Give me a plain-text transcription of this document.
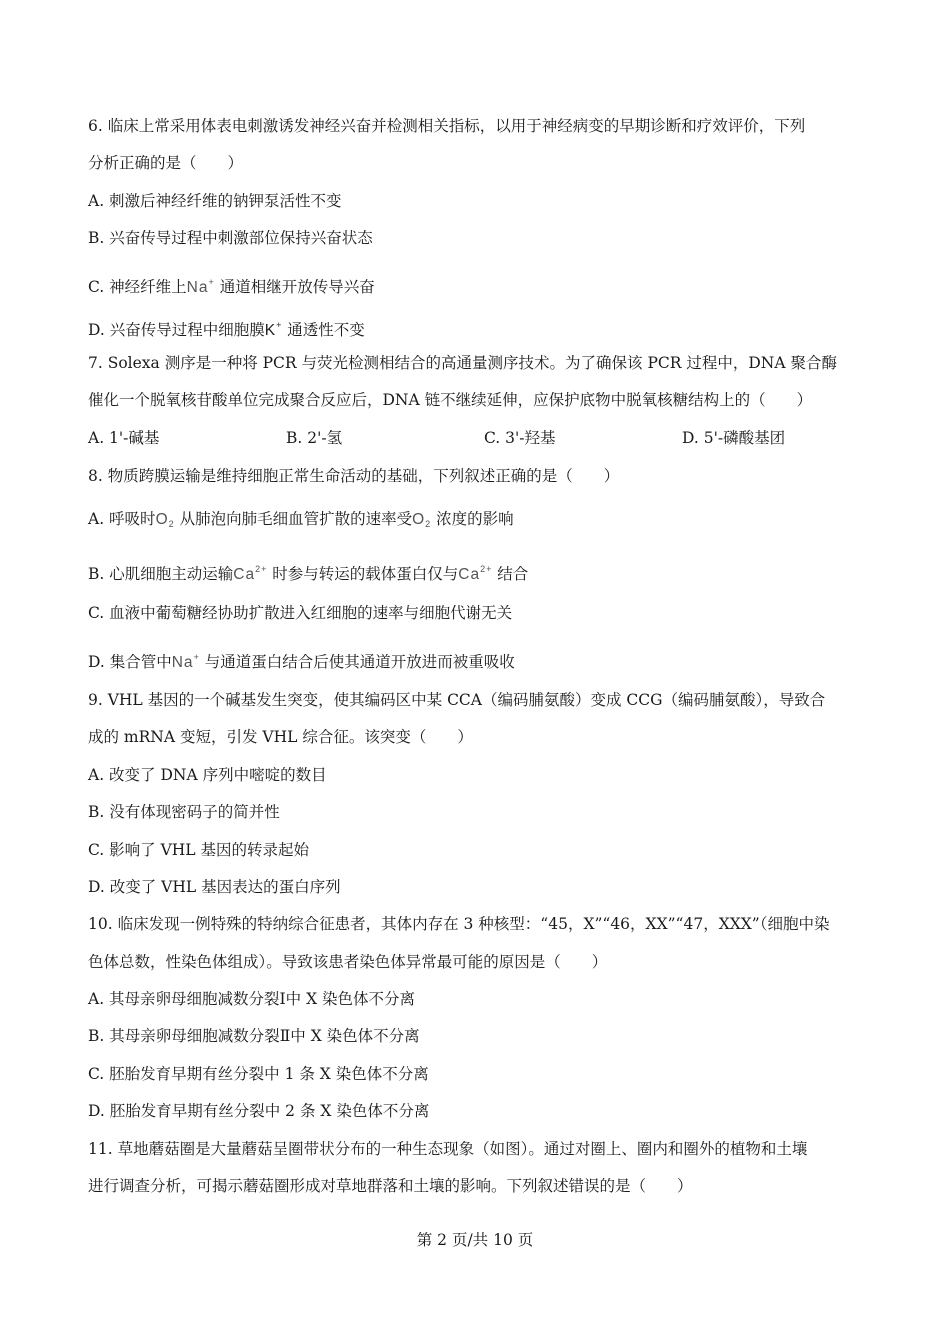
6. 临床上常采用体表电刺激诱发神经兴奋并检测相关指标，以用于神经病变的早期诊断和疗效评价，下列
分析正确的是（　　）
A. 刺激后神经纤维的钠钾泵活性不变
B. 兴奋传导过程中刺激部位保持兴奋状态
C. 神经纤维上Na+ 通道相继开放传导兴奋
D. 兴奋传导过程中细胞膜K+ 通透性不变
7. Solexa 测序是一种将 PCR 与荧光检测相结合的高通量测序技术。为了确保该 PCR 过程中，DNA 聚合酶
催化一个脱氧核苷酸单位完成聚合反应后，DNA 链不继续延伸，应保护底物中脱氧核糖结构上的（　　）
A. 1'-碱基	B. 2'-氢	C. 3'-羟基	D. 5'-磷酸基团
8. 物质跨膜运输是维持细胞正常生命活动的基础，下列叙述正确的是（　　）
A. 呼吸时$O_2$ 从肺泡向肺毛细血管扩散的速率受$O_2$ 浓度的影响
B. 心肌细胞主动运输$Ca^{2+}$ 时参与转运的载体蛋白仅与$Ca^{2+}$ 结合
C. 血液中葡萄糖经协助扩散进入红细胞的速率与细胞代谢无关
D. 集合管中Na+ 与通道蛋白结合后使其通道开放进而被重吸收
9. VHL 基因的一个碱基发生突变，使其编码区中某 CCA（编码脯氨酸）变成 CCG（编码脯氨酸），导致合
成的 mRNA 变短，引发 VHL 综合征。该突变（　　）
A. 改变了 DNA 序列中嘧啶的数目
B. 没有体现密码子的简并性
C. 影响了 VHL 基因的转录起始
D. 改变了 VHL 基因表达的蛋白序列
10. 临床发现一例特殊的特纳综合征患者，其体内存在 3 种核型：“45，X”“46，XX”“47，XXX”（细胞中染
色体总数，性染色体组成）。导致该患者染色体异常最可能的原因是（　　）
A. 其母亲卵母细胞减数分裂Ⅰ中 X 染色体不分离
B. 其母亲卵母细胞减数分裂Ⅱ中 X 染色体不分离
C. 胚胎发育早期有丝分裂中 1 条 X 染色体不分离
D. 胚胎发育早期有丝分裂中 2 条 X 染色体不分离
11. 草地蘑菇圈是大量蘑菇呈圈带状分布的一种生态现象（如图）。通过对圈上、圈内和圈外的植物和土壤
进行调查分析，可揭示蘑菇圈形成对草地群落和土壤的影响。下列叙述错误的是（　　）
第 2 页/共 10 页
